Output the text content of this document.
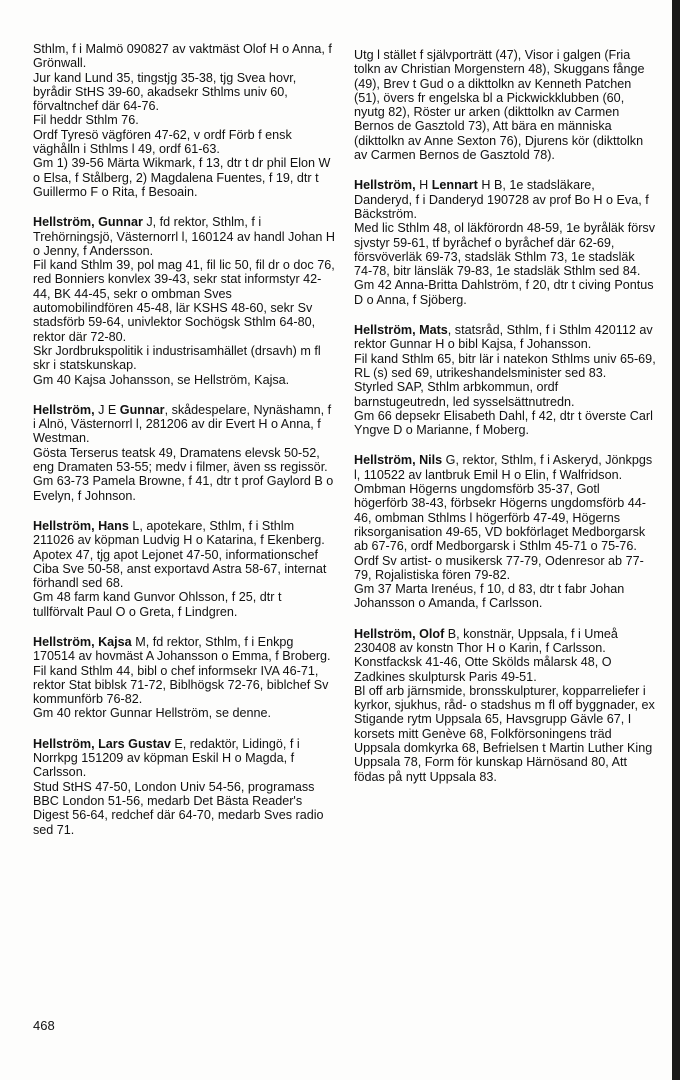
Sthlm, f i Malmö 090827 av vaktmäst Olof H o Anna, f Grönwall.

Jur kand Lund 35, tingstjg 35-38, tjg Svea hovr, byrådir StHS 39-60, akadsekr Sthlms univ 60, förvaltnchef där 64-76.

Fil heddr Sthlm 76.

Ordf Tyresö vägfören 47-62, v ordf Förb f ensk väghålln i Sthlms l 49, ordf 61-63.

Gm 1) 39-56 Märta Wikmark, f 13, dtr t dr phil Elon W o Elsa, f Stålberg, 2) Magdalena Fuentes, f 19, dtr t Guillermo F o Rita, f Besoain.

Hellström, Gunnar J, fd rektor, Sthlm, f i Trehörningsjö, Västernorrl l, 160124 av handl Johan H o Jenny, f Andersson.

Fil kand Sthlm 39, pol mag 41, fil lic 50, fil dr o doc 76, red Bonniers konvlex 39-43, sekr stat informstyr 42-44, BK 44-45, sekr o ombman Sves automobilindfören 45-48, lär KSHS 48-60, sekr Sv stadsförb 59-64, univlektor Sochögsk Sthlm 64-80, rektor där 72-80.

Skr Jordbrukspolitik i industrisamhället (drsavh) m fl skr i statskunskap.

Gm 40 Kajsa Johansson, se Hellström, Kajsa.

Hellström, J E Gunnar, skådespelare, Nynäshamn, f i Alnö, Västernorrl l, 281206 av dir Evert H o Anna, f Westman.

Gösta Terserus teatsk 49, Dramatens elevsk 50-52, eng Dramaten 53-55; medv i filmer, även ss regissör.

Gm 63-73 Pamela Browne, f 41, dtr t prof Gaylord B o Evelyn, f Johnson.

Hellström, Hans L, apotekare, Sthlm, f i Sthlm 211026 av köpman Ludvig H o Katarina, f Ekenberg.

Apotex 47, tjg apot Lejonet 47-50, informationschef Ciba Sve 50-58, anst exportavd Astra 58-67, internat förhandl sed 68.

Gm 48 farm kand Gunvor Ohlsson, f 25, dtr t tullförvalt Paul O o Greta, f Lindgren.

Hellström, Kajsa M, fd rektor, Sthlm, f i Enkpg 170514 av hovmäst A Johansson o Emma, f Broberg.

Fil kand Sthlm 44, bibl o chef informsekr IVA 46-71, rektor Stat biblsk 71-72, Biblhögsk 72-76, biblchef Sv kommunförb 76-82.

Gm 40 rektor Gunnar Hellström, se denne.

Hellström, Lars Gustav E, redaktör, Lidingö, f i Norrkpg 151209 av köpman Eskil H o Magda, f Carlsson.

Stud StHS 47-50, London Univ 54-56, programass BBC London 51-56, medarb Det Bästa Reader's Digest 56-64, redchef där 64-70, medarb Sves radio sed 71.

Utg l stället f självporträtt (47), Visor i galgen (Fria tolkn av Christian Morgenstern 48), Skuggans fånge (49), Brev t Gud o a dikttolkn av Kenneth Patchen (51), övers fr engelska bl a Pickwickklubben (60, nyutg 82), Röster ur arken (dikttolkn av Carmen Bernos de Gasztold 73), Att bära en människa (dikttolkn av Anne Sexton 76), Djurens kör (dikttolkn av Carmen Bernos de Gasztold 78).

Hellström, H Lennart H B, 1e stadsläkare, Danderyd, f i Danderyd 190728 av prof Bo H o Eva, f Bäckström.

Med lic Sthlm 48, ol läkförordn 48-59, 1e byråläk försv sjvstyr 59-61, tf byråchef o byråchef där 62-69, försvöverläk 69-73, stadsläk Sthlm 73, 1e stadsläk 74-78, bitr länsläk 79-83, 1e stadsläk Sthlm sed 84.

Gm 42 Anna-Britta Dahlström, f 20, dtr t civing Pontus D o Anna, f Sjöberg.

Hellström, Mats, statsråd, Sthlm, f i Sthlm 420112 av rektor Gunnar H o bibl Kajsa, f Johansson.

Fil kand Sthlm 65, bitr lär i natekon Sthlms univ 65-69, RL (s) sed 69, utrikeshandelsminister sed 83.

Styrled SAP, Sthlm arbkommun, ordf barnstugeutredn, led sysselsättnutredn.

Gm 66 depsekr Elisabeth Dahl, f 42, dtr t överste Carl Yngve D o Marianne, f Moberg.

Hellström, Nils G, rektor, Sthlm, f i Askeryd, Jönkpgs l, 110522 av lantbruk Emil H o Elin, f Walfridson.

Ombman Högerns ungdomsförb 35-37, Gotl högerförb 38-43, förbsekr Högerns ungdomsförb 44-46, ombman Sthlms l högerförb 47-49, Högerns riksorganisation 49-65, VD bokförlaget Medborgarsk ab 67-76, ordf Medborgarsk i Sthlm 45-71 o 75-76.

Ordf Sv artist- o musikersk 77-79, Odenresor ab 77-79, Rojalistiska fören 79-82.

Gm 37 Marta Irenéus, f 10, d 83, dtr t fabr Johan Johansson o Amanda, f Carlsson.

Hellström, Olof B, konstnär, Uppsala, f i Umeå 230408 av konstn Thor H o Karin, f Carlsson.

Konstfacksk 41-46, Otte Skölds målarsk 48, O Zadkines skulptursk Paris 49-51.

Bl off arb järnsmide, bronsskulpturer, kopparreliefer i kyrkor, sjukhus, råd- o stadshus m fl off byggnader, ex Stigande rytm Uppsala 65, Havsgrupp Gävle 67, I korsets mitt Genève 68, Folkförsoningens träd Uppsala domkyrka 68, Befrielsen t Martin Luther King Uppsala 78, Form för kunskap Härnösand 80, Att födas på nytt Uppsala 83.

468
